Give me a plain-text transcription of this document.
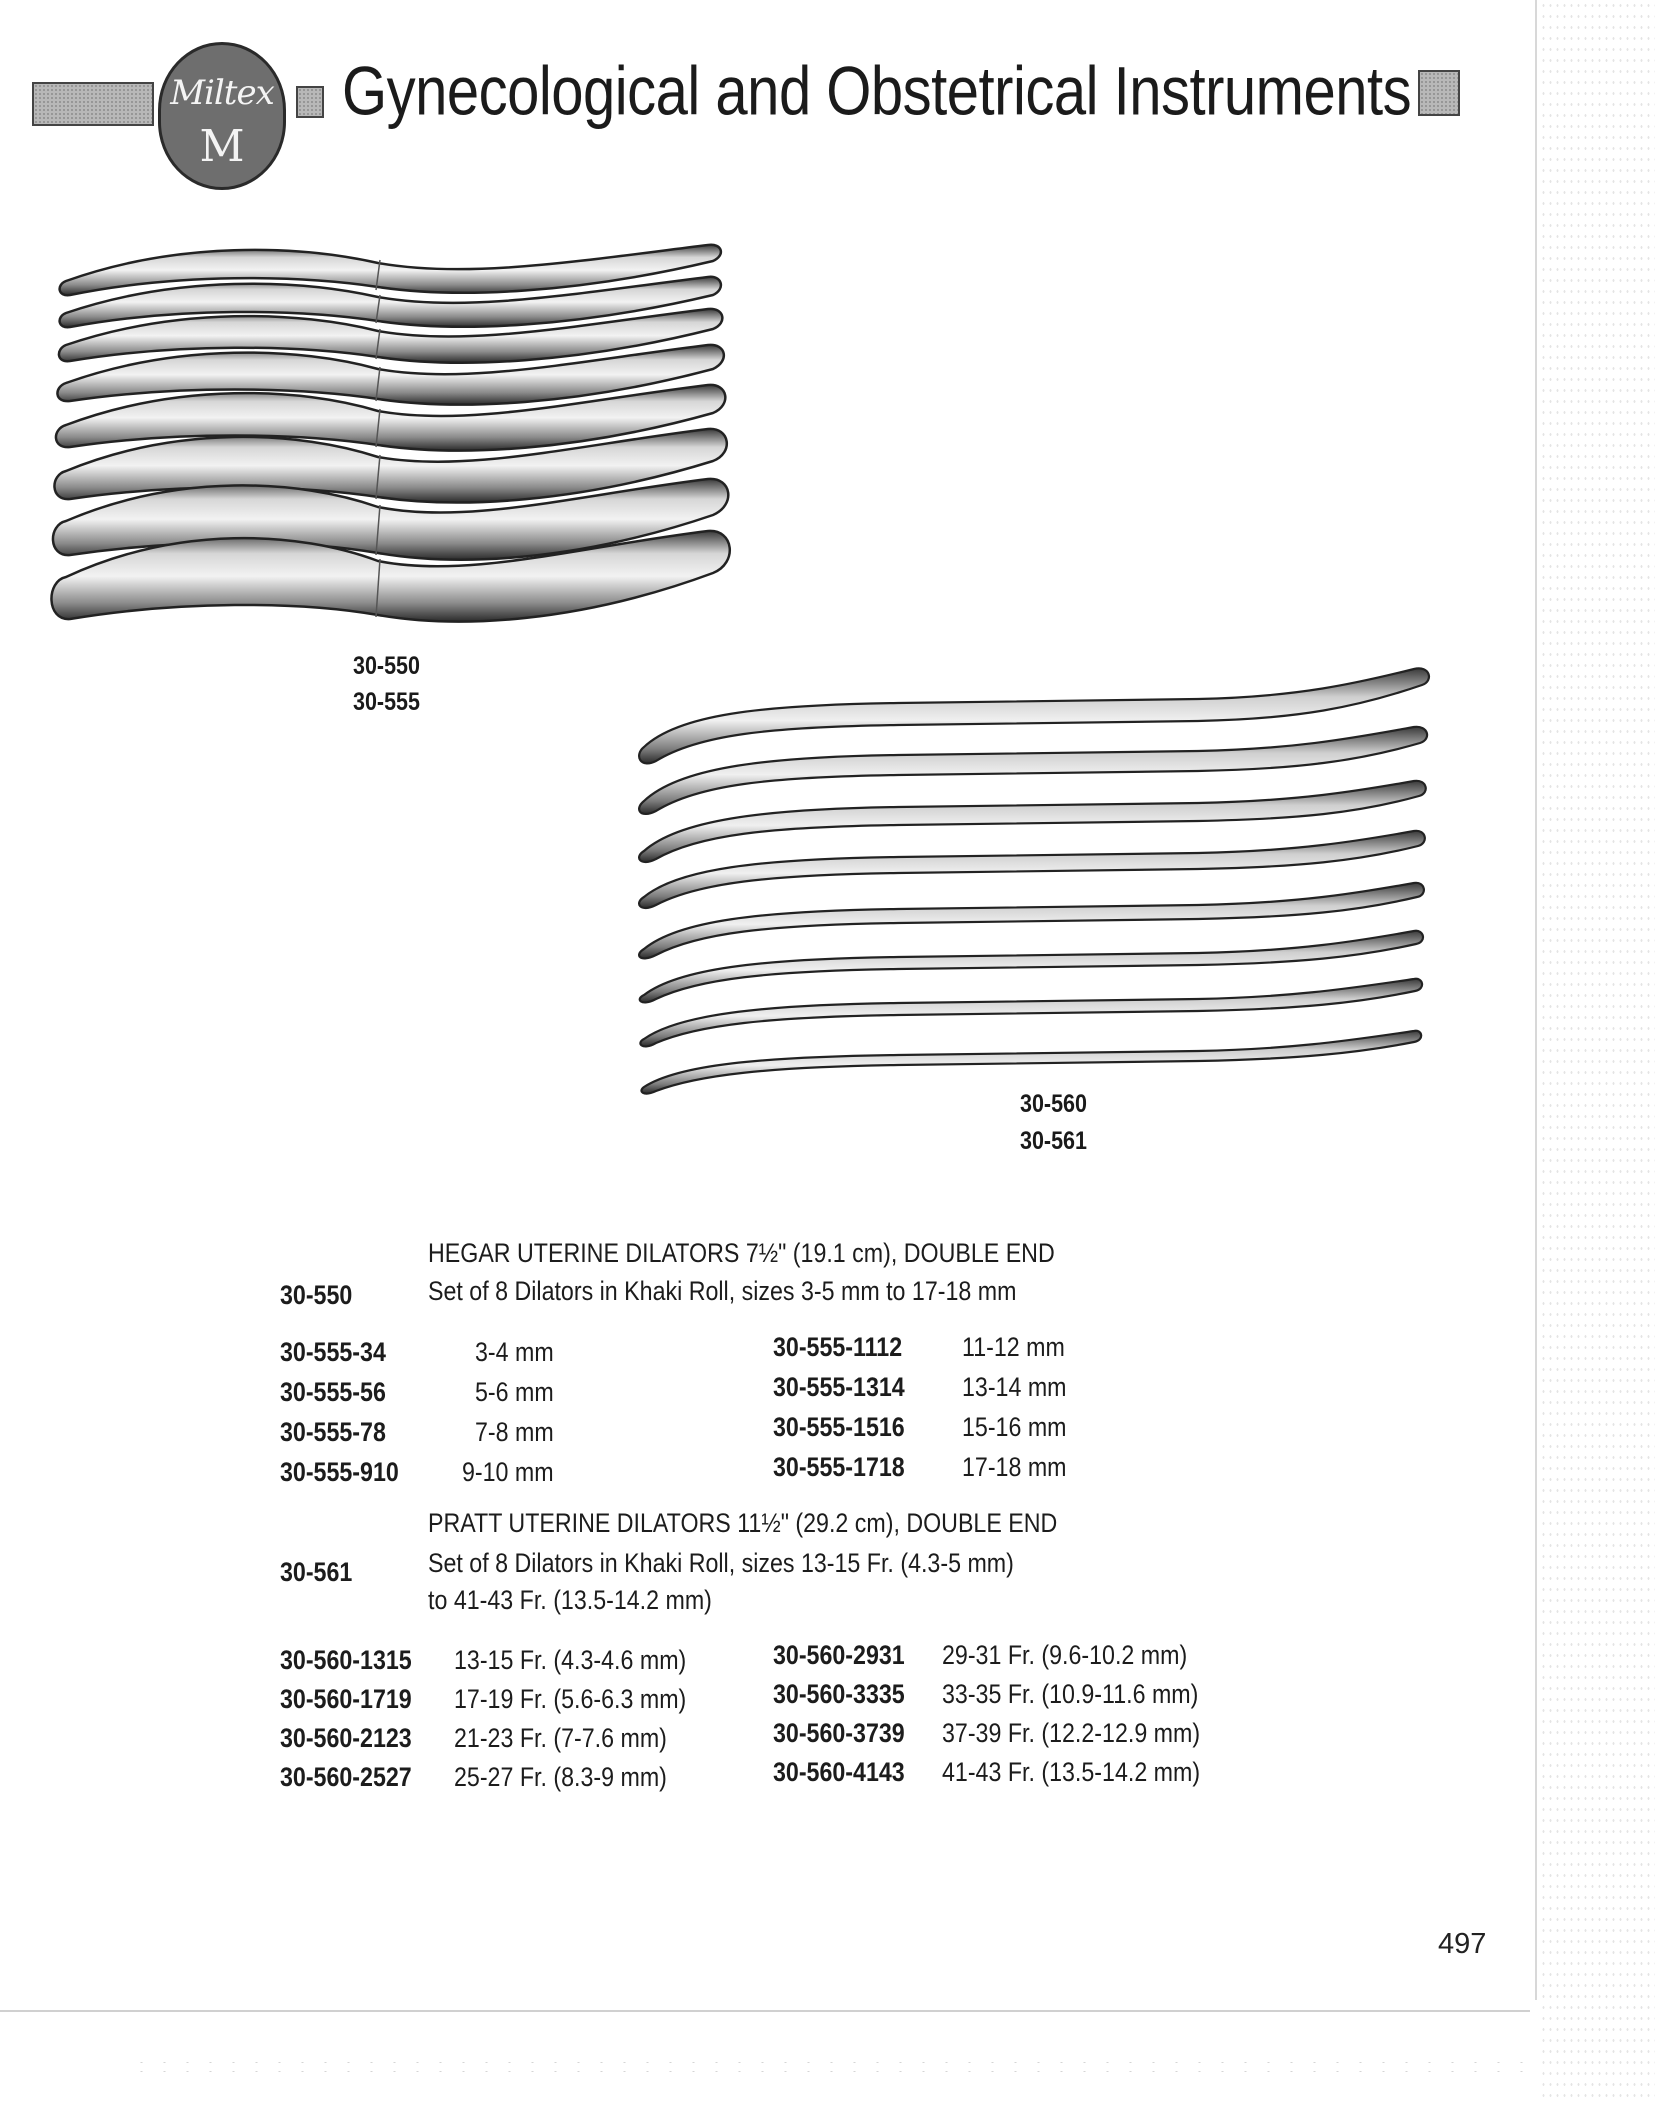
Miltex
M
Gynecological and Obstetrical Instruments
30-550
30-555
30-560
30-561
HEGAR UTERINE DILATORS 7½" (19.1 cm), DOUBLE END
30-550	Set of 8 Dilators in Khaki Roll, sizes 3-5 mm to 17-18 mm
30-555-34	3-4 mm
30-555-56	5-6 mm
30-555-78	7-8 mm
30-555-910 9-10 mm
30-555-1112 11-12 mm
30-555-1314 13-14 mm
30-555-1516 15-16 mm
30-555-1718 17-18 mm
PRATT UTERINE DILATORS 11½" (29.2 cm), DOUBLE END
30-561	Set of 8 Dilators in Khaki Roll, sizes 13-15 Fr. (4.3-5 mm)
to 41-43 Fr. (13.5-14.2 mm)
30-560-1315 13-15 Fr. (4.3-4.6 mm)
30-560-1719 17-19 Fr. (5.6-6.3 mm)
30-560-2123 21-23 Fr. (7-7.6 mm)
30-560-2527 25-27 Fr. (8.3-9 mm)
30-560-2931 29-31 Fr. (9.6-10.2 mm)
30-560-3335 33-35 Fr. (10.9-11.6 mm)
30-560-3739 37-39 Fr. (12.2-12.9 mm)
30-560-4143 41-43 Fr. (13.5-14.2 mm)
497
